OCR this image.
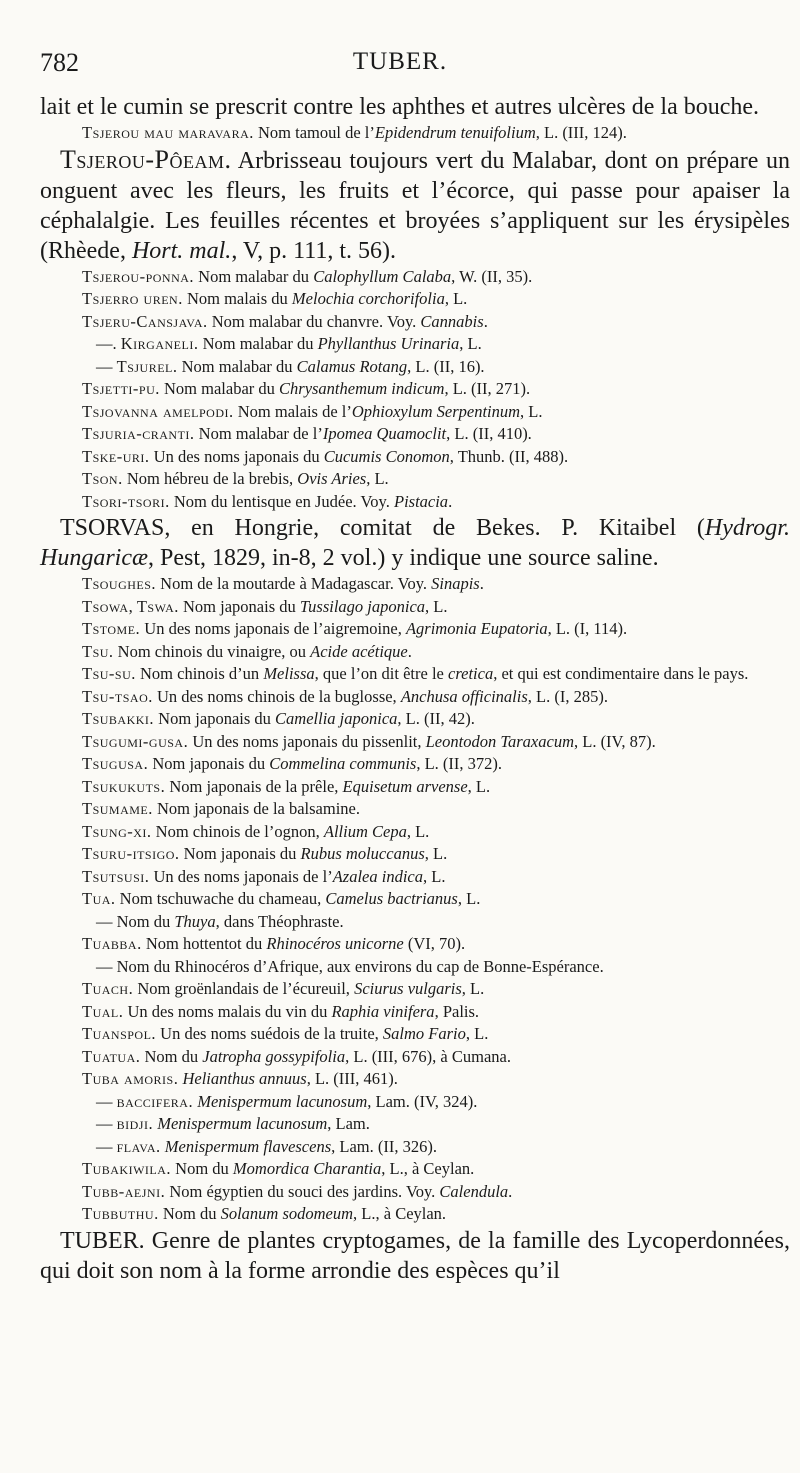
782	TUBER.

lait et le cumin se prescrit contre les aphthes et autres ulcères de la bouche.

Tsjerou mau maravara. Nom tamoul de l’Epidendrum tenuifolium, L. (III, 124).

Tsjerou-Pôeam. Arbrisseau toujours vert du Malabar, dont on prépare un onguent avec les fleurs, les fruits et l’écorce, qui passe pour apaiser la céphalalgie. Les feuilles récentes et broyées s’appliquent sur les érysipèles (Rhèede, Hort. mal., V, p. 111, t. 56).

Tsjerou-ponna. Nom malabar du Calophyllum Calaba, W. (II, 35).

Tsjerro uren. Nom malais du Melochia corchorifolia, L.

Tsjeru-Cansjava. Nom malabar du chanvre. Voy. Cannabis.

—. Kirganeli. Nom malabar du Phyllanthus Urinaria, L.

— Tsjurel. Nom malabar du Calamus Rotang, L. (II, 16).

Tsjetti-pu. Nom malabar du Chrysanthemum indicum, L. (II, 271).

Tsjovanna amelpodi. Nom malais de l’Ophioxylum Serpentinum, L.

Tsjuria-cranti. Nom malabar de l’Ipomea Quamoclit, L. (II, 410).

Tske-uri. Un des noms japonais du Cucumis Conomon, Thunb. (II, 488).

Tson. Nom hébreu de la brebis, Ovis Aries, L.

Tsori-tsori. Nom du lentisque en Judée. Voy. Pistacia.

TSORVAS, en Hongrie, comitat de Bekes. P. Kitaibel (Hydrogr. Hungaricæ, Pest, 1829, in-8, 2 vol.) y indique une source saline.

Tsoughes. Nom de la moutarde à Madagascar. Voy. Sinapis.

Tsowa, Tswa. Nom japonais du Tussilago japonica, L.

Tstome. Un des noms japonais de l’aigremoine, Agrimonia Eupatoria, L. (I, 114).

Tsu. Nom chinois du vinaigre, ou Acide acétique.

Tsu-su. Nom chinois d’un Melissa, que l’on dit être le cretica, et qui est condimentaire dans le pays.

Tsu-tsao. Un des noms chinois de la buglosse, Anchusa officinalis, L. (I, 285).

Tsubakki. Nom japonais du Camellia japonica, L. (II, 42).

Tsugumi-gusa. Un des noms japonais du pissenlit, Leontodon Taraxacum, L. (IV, 87).

Tsugusa. Nom japonais du Commelina communis, L. (II, 372).

Tsukukuts. Nom japonais de la prêle, Equisetum arvense, L.

Tsumame. Nom japonais de la balsamine.

Tsung-xi. Nom chinois de l’ognon, Allium Cepa, L.

Tsuru-itsigo. Nom japonais du Rubus moluccanus, L.

Tsutsusi. Un des noms japonais de l’Azalea indica, L.

Tua. Nom tschuwache du chameau, Camelus bactrianus, L.

— Nom du Thuya, dans Théophraste.

Tuabba. Nom hottentot du Rhinocéros unicorne (VI, 70).

— Nom du Rhinocéros d’Afrique, aux environs du cap de Bonne-Espérance.

Tuach. Nom groënlandais de l’écureuil, Sciurus vulgaris, L.

Tual. Un des noms malais du vin du Raphia vinifera, Palis.

Tuanspol. Un des noms suédois de la truite, Salmo Fario, L.

Tuatua. Nom du Jatropha gossypifolia, L. (III, 676), à Cumana.

Tuba amoris. Helianthus annuus, L. (III, 461).

— baccifera. Menispermum lacunosum, Lam. (IV, 324).

— bidji. Menispermum lacunosum, Lam.

— flava. Menispermum flavescens, Lam. (II, 326).

Tubakiwila. Nom du Momordica Charantia, L., à Ceylan.

Tubb-aejni. Nom égyptien du souci des jardins. Voy. Calendula.

Tubbuthu. Nom du Solanum sodomeum, L., à Ceylan.

TUBER. Genre de plantes cryptogames, de la famille des Lycoperdonnées, qui doit son nom à la forme arrondie des espèces qu’il
